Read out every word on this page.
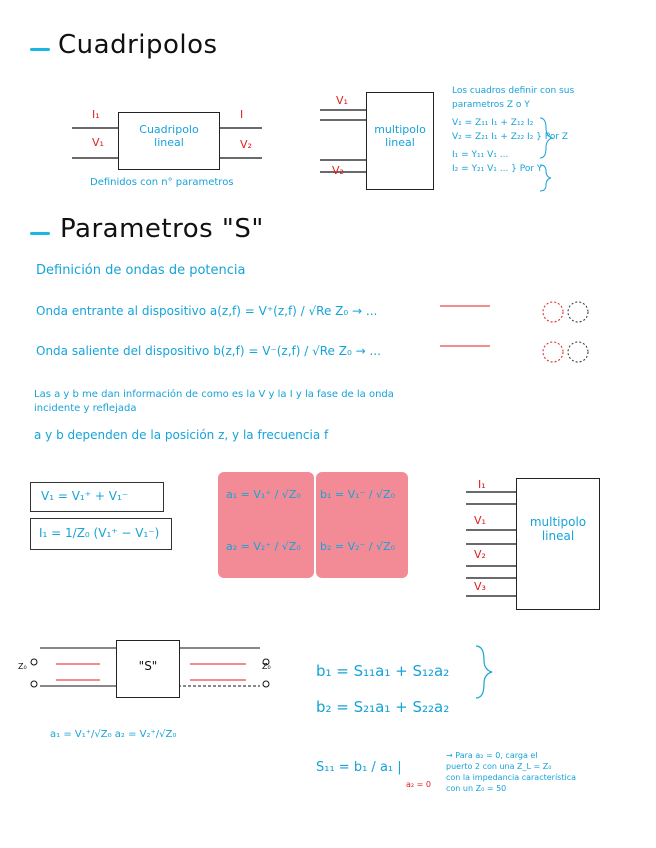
Cuadripolos
Cuadripolo
lineal
I₁
V₁
I
V₂
Definidos con n° parametros
multipolo
lineal
V₁
V₂
Los cuadros definir con sus
parametros Z o Y
V₁ = Z₁₁ I₁ + Z₁₂ I₂
V₂ = Z₂₁ I₁ + Z₂₂ I₂ } Por Z
I₁ = Y₁₁ V₁ ...
I₂ = Y₂₁ V₁ ... } Por Y
Parametros "S"
Definición de ondas de potencia
Onda entrante al dispositivo a(z,f) = V⁺(z,f) / √Re Z₀ → ...
Onda saliente del dispositivo b(z,f) = V⁻(z,f) / √Re Z₀ → ...
Las a y b me dan información de como es la V y la I y la fase de la onda
incidente y reflejada
a y b dependen de la posición z, y la frecuencia f
V₁ = V₁⁺ + V₁⁻
I₁ = 1/Z₀ (V₁⁺ − V₁⁻)
a₁ = V₁⁺ / √Z₀ b₁ = V₁⁻ / √Z₀
a₂ = V₂⁺ / √Z₀ b₂ = V₂⁻ / √Z₀
I₁
V₁
V₂
V₃
multipolo
lineal
Z₀	Z₀
"S"
a₁ = V₁⁺/√Z₀ a₂ = V₂⁺/√Z₀
b₁ = S₁₁a₁ + S₁₂a₂
b₂ = S₂₁a₁ + S₂₂a₂
S₁₁ = b₁ / a₁ |
a₂ = 0
→ Para a₂ = 0, carga el
puerto 2 con una Z_L = Z₀
con la impedancia característica
con un Z₀ = 50
